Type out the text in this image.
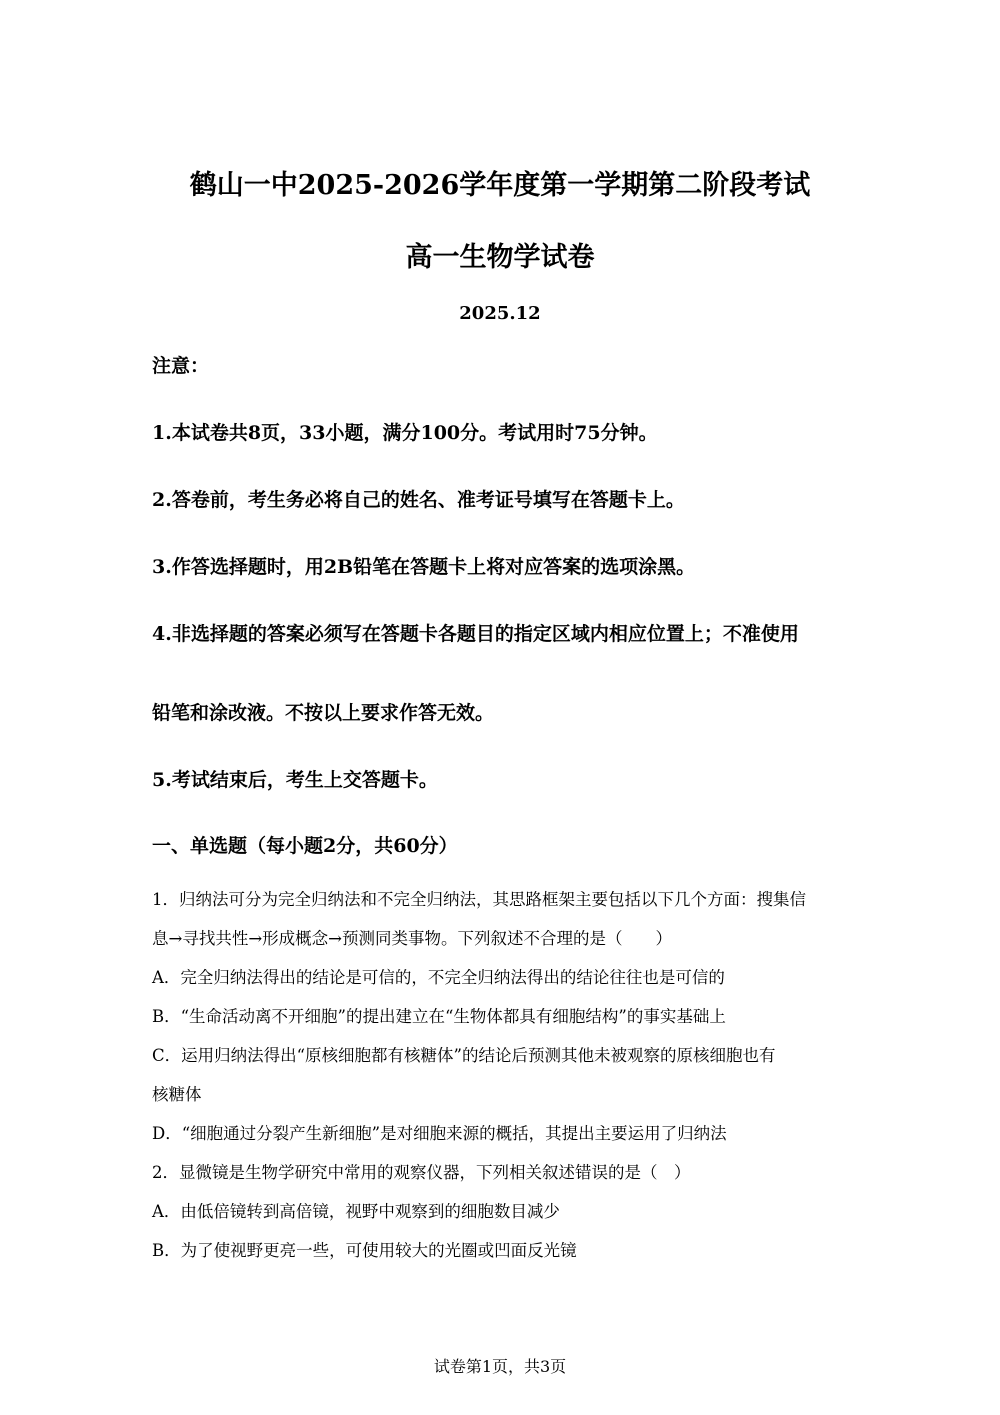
鹤山一中2025-2026学年度第一学期第二阶段考试
高一生物学试卷
2025.12
注意：
1.本试卷共8页，33小题，满分100分。考试用时75分钟。
2.答卷前，考生务必将自己的姓名、准考证号填写在答题卡上。
3.作答选择题时，用2B铅笔在答题卡上将对应答案的选项涂黑。
4.非选择题的答案必须写在答题卡各题目的指定区域内相应位置上；不准使用
铅笔和涂改液。不按以上要求作答无效。
5.考试结束后，考生上交答题卡。
一、单选题（每小题2分，共60分）
1．归纳法可分为完全归纳法和不完全归纳法，其思路框架主要包括以下几个方面：搜集信
息→寻找共性→形成概念→预测同类事物。下列叙述不合理的是（　　）
A．完全归纳法得出的结论是可信的，不完全归纳法得出的结论往往也是可信的
B．“生命活动离不开细胞”的提出建立在“生物体都具有细胞结构”的事实基础上
C．运用归纳法得出“原核细胞都有核糖体”的结论后预测其他未被观察的原核细胞也有
核糖体
D．“细胞通过分裂产生新细胞”是对细胞来源的概括，其提出主要运用了归纳法
2．显微镜是生物学研究中常用的观察仪器，下列相关叙述错误的是（　）
A．由低倍镜转到高倍镜，视野中观察到的细胞数目减少
B．为了使视野更亮一些，可使用较大的光圈或凹面反光镜
试卷第1页，共3页
